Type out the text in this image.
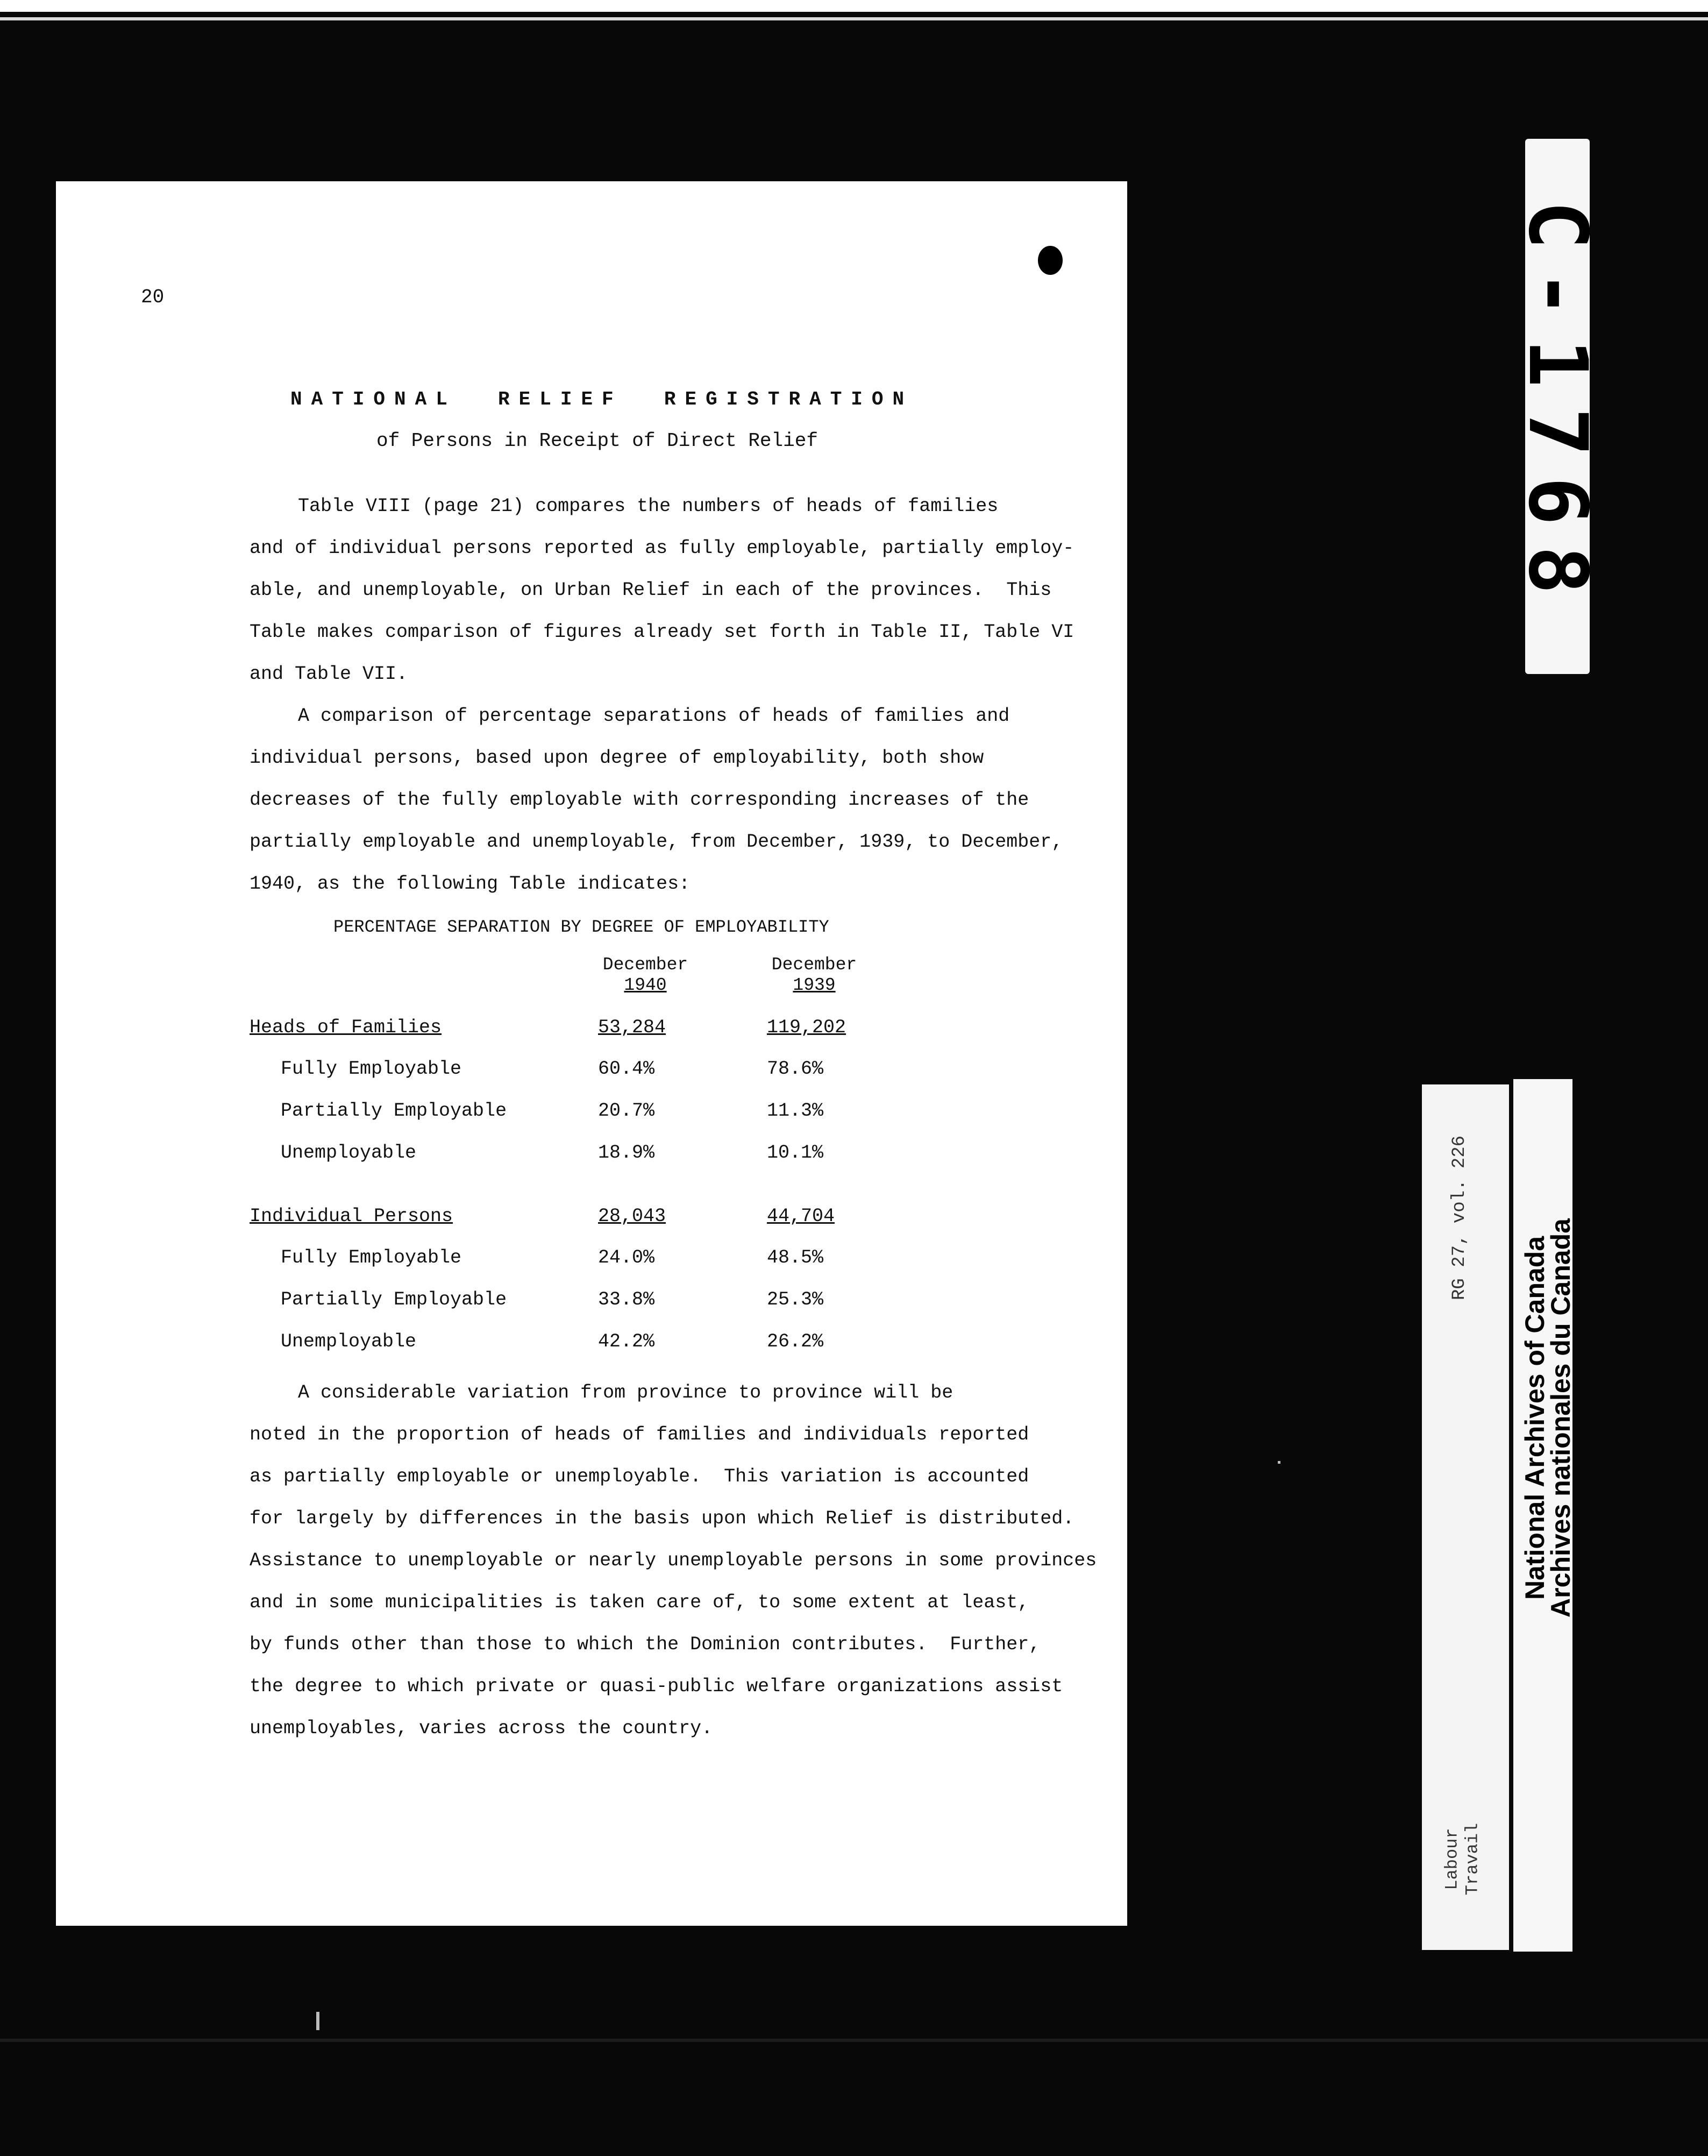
20
NATIONAL  RELIEF  REGISTRATION
of Persons in Receipt of Direct Relief
Table VIII (page 21) compares the numbers of heads of families
and of individual persons reported as fully employable, partially employ-
able, and unemployable, on Urban Relief in each of the provinces.  This
Table makes comparison of figures already set forth in Table II, Table VI
and Table VII.
A comparison of percentage separations of heads of families and
individual persons, based upon degree of employability, both show
decreases of the fully employable with corresponding increases of the
partially employable and unemployable, from December, 1939, to December,
1940, as the following Table indicates:
PERCENTAGE SEPARATION BY DEGREE OF EMPLOYABILITY
December
1940
December
1939
Heads of Families	53,284	119,202
Fully Employable	60.4%	78.6%
Partially Employable	20.7%	11.3%
Unemployable	18.9%	10.1%
Individual Persons	28,043	44,704
Fully Employable	24.0%	48.5%
Partially Employable	33.8%	25.3%
Unemployable	42.2%	26.2%
A considerable variation from province to province will be
noted in the proportion of heads of families and individuals reported
as partially employable or unemployable.  This variation is accounted
for largely by differences in the basis upon which Relief is distributed.
Assistance to unemployable or nearly unemployable persons in some provinces
and in some municipalities is taken care of, to some extent at least,
by funds other than those to which the Dominion contributes.  Further,
the degree to which private or quasi-public welfare organizations assist
unemployables, varies across the country.
C-1768
RG 27, vol. 226
Labour Travail
National Archives of Canada
Archives nationales du Canada
